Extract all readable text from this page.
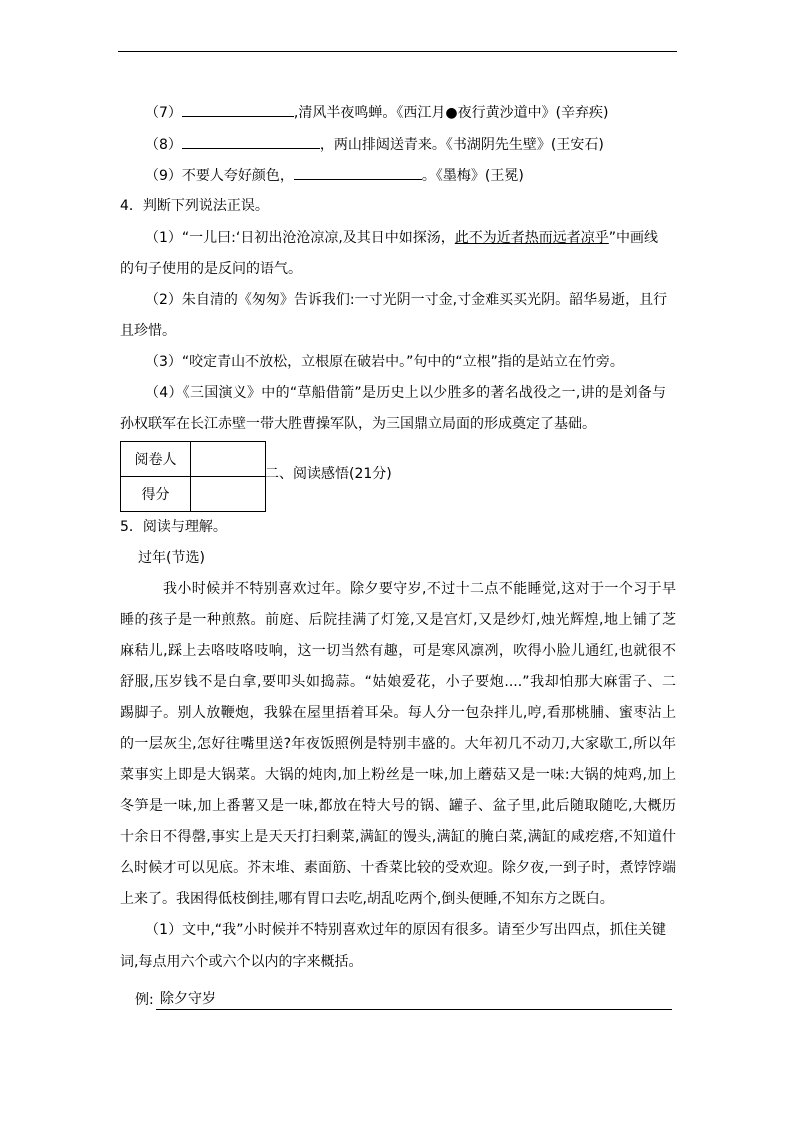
（7）	,清风半夜鸣蝉。《西江月●夜行黄沙道中》(辛弃疾)
（8）	，两山排闼送青来。《书湖阴先生壁》(王安石)
（9）不要人夸好颜色，	。《墨梅》(王冕)
4．判断下列说法正误。
（1）“一儿曰:‘日初出沧沧凉凉,及其日中如探汤，此不为近者热而远者凉乎”中画线
的句子使用的是反问的语气。
（2）朱自清的《匆匆》告诉我们:一寸光阴一寸金,寸金难买买光阴。韶华易逝，且行
且珍惜。
（3）“咬定青山不放松，立根原在破岩中。”句中的“立根”指的是站立在竹旁。
（4）《三国演义》中的“草船借箭”是历史上以少胜多的著名战役之一,讲的是刘备与
孙权联军在长江赤壁一带大胜曹操军队，为三国鼎立局面的形成奠定了基础。
阅卷人	
得分	
二、阅读感悟(21分)
5．阅读与理解。
过年(节选)
我小时候并不特别喜欢过年。除夕要守岁,不过十二点不能睡觉,这对于一个习于早
睡的孩子是一种煎熬。前庭、后院挂满了灯笼,又是宫灯,又是纱灯,烛光辉煌,地上铺了芝
麻秸儿,踩上去咯吱咯吱响，这一切当然有趣，可是寒风凛冽，吹得小脸儿通红,也就很不
舒服,压岁钱不是白拿,要叩头如捣蒜。“姑娘爱花，小子要炮....”我却怕那大麻雷子、二
踢脚子。别人放鞭炮，我躲在屋里捂着耳朵。每人分一包杂拌儿,哼,看那桃脯、蜜枣沾上
的一层灰尘,怎好往嘴里送?年夜饭照例是特别丰盛的。大年初几不动刀,大家歇工,所以年
菜事实上即是大锅菜。大锅的炖肉,加上粉丝是一味,加上蘑菇又是一味:大锅的炖鸡,加上
冬笋是一味,加上番薯又是一味,都放在特大号的锅、罐子、盆子里,此后随取随吃,大概历
十余日不得罄,事实上是天天打扫剩菜,满缸的馒头,满缸的腌白菜,满缸的咸疙瘩,不知道什
么时候才可以见底。芥末堆、素面筋、十香菜比较的受欢迎。除夕夜,一到子时，煮饽饽端
上来了。我困得低枝倒挂,哪有胃口去吃,胡乱吃两个,倒头便睡,不知东方之既白。
（1）文中,“我”小时候并不特别喜欢过年的原因有很多。请至少写出四点，抓住关键
词,每点用六个或六个以内的字来概括。
例: 除夕守岁
